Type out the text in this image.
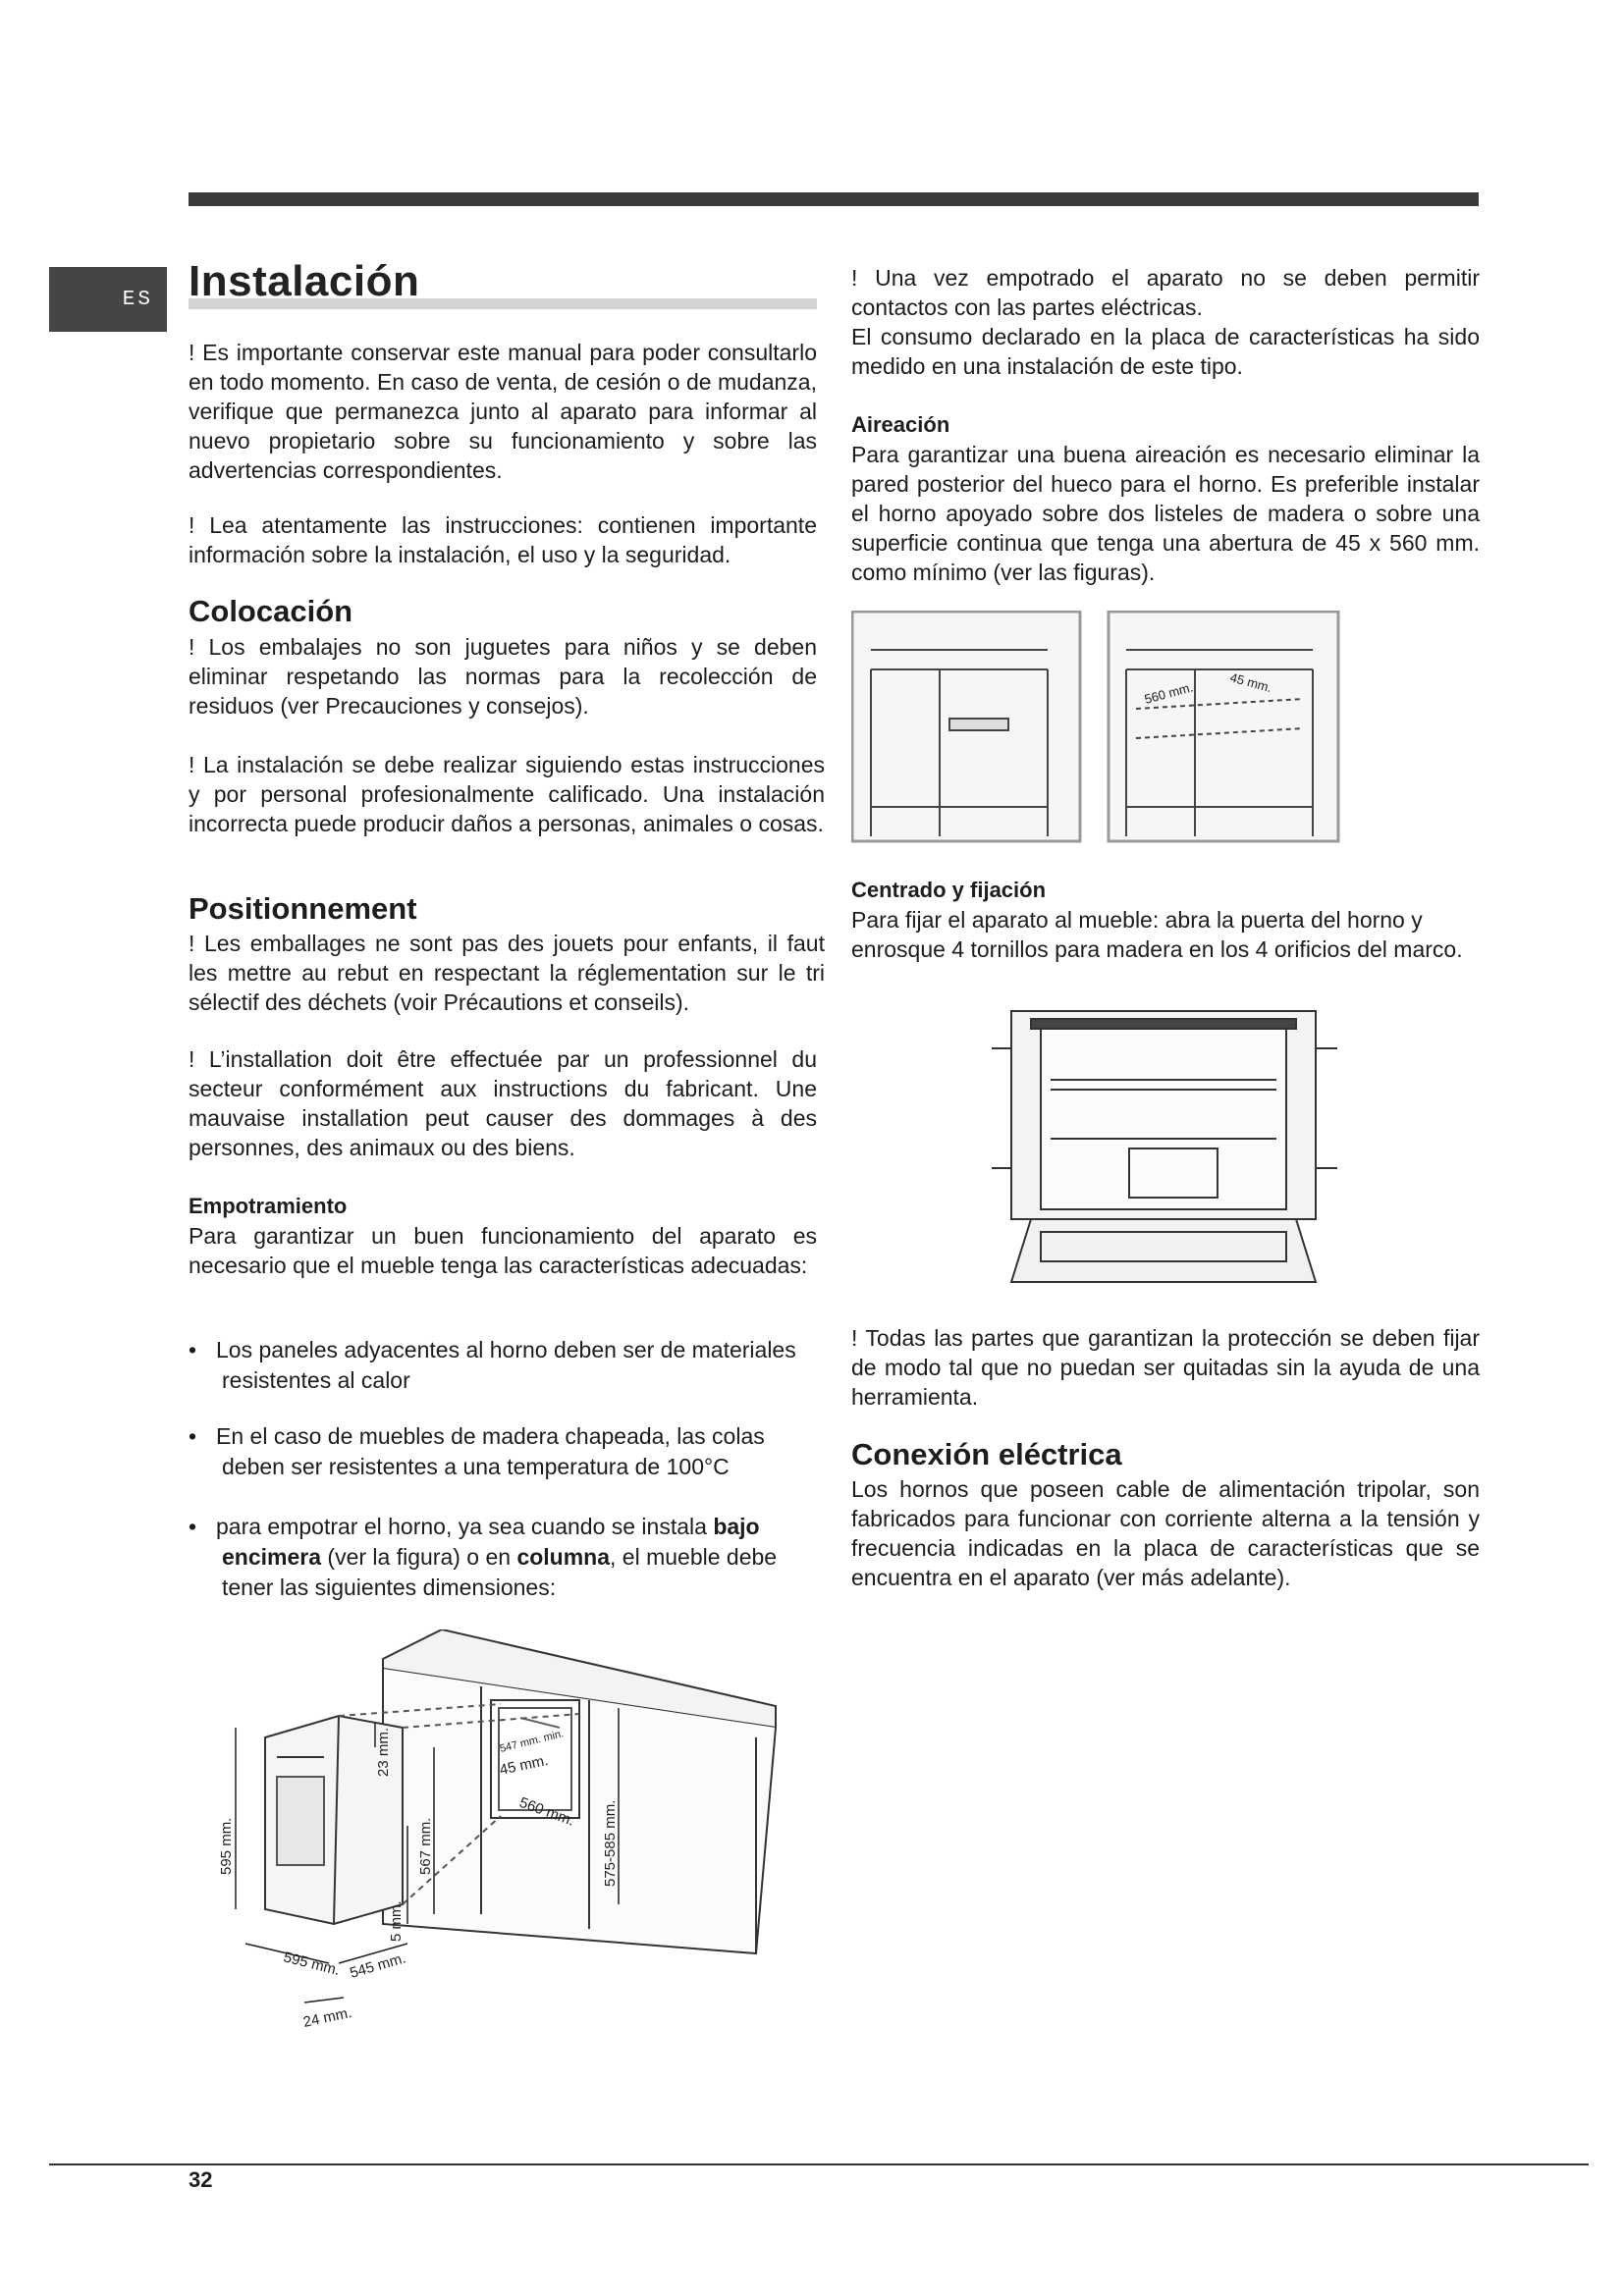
ES Instalación

! Es importante conservar este manual para poder consultarlo en todo momento. En caso de venta, de cesión o de mudanza, verifique que permanezca junto al aparato para informar al nuevo propietario sobre su funcionamiento y sobre las advertencias correspondientes.

! Lea atentamente las instrucciones: contienen importante información sobre la instalación, el uso y la seguridad.

Colocación

! Los embalajes no son juguetes para niños y se deben eliminar respetando las normas para la recolección de residuos (ver Precauciones y consejos).

! La instalación se debe realizar siguiendo estas instrucciones y por personal profesionalmente calificado. Una instalación incorrecta puede producir daños a personas, animales o cosas.

Positionnement

! Les emballages ne sont pas des jouets pour enfants, il faut les mettre au rebut en respectant la réglementation sur le tri sélectif des déchets (voir Précautions et conseils).

! L’installation doit être effectuée par un professionnel du secteur conformément aux instructions du fabricant. Une mauvaise installation peut causer des dommages à des personnes, des animaux ou des biens.

Empotramiento

Para garantizar un buen funcionamiento del aparato es necesario que el mueble tenga las características adecuadas:

• Los paneles adyacentes al horno deben ser de materiales
resistentes al calor
• En el caso de muebles de madera chapeada, las colas
deben ser resistentes a una temperatura de 100°C
• para empotrar el horno, ya sea cuando se instala bajo
encimera (ver la figura) o en columna, el mueble debe
tener las siguientes dimensiones:
595 mm.
23 mm.
567 mm.
5 mm.
595 mm. 545 mm.
24 mm.
547 mm. min.
45 mm.
560 mm. 575-585 mm.

! Una vez empotrado el aparato no se deben permitir contactos con las partes eléctricas.

El consumo declarado en la placa de características ha sido medido en una instalación de este tipo.

Aireación

Para garantizar una buena aireación es necesario eliminar la pared posterior del hueco para el horno. Es preferible instalar el horno apoyado sobre dos listeles de madera o sobre una superficie continua que tenga una abertura de 45 x 560 mm. como mínimo (ver las figuras).

560 mm.	45 mm.
Centrado y fijación

Para fijar el aparato al mueble: abra la puerta del horno y enrosque 4 tornillos para madera en los 4 orificios del marco.

! Todas las partes que garantizan la protección se deben fijar de modo tal que no puedan ser quitadas sin la ayuda de una herramienta.

Conexión eléctrica

Los hornos que poseen cable de alimentación tripolar, son fabricados para funcionar con corriente alterna a la tensión y frecuencia indicadas en la placa de características que se encuentra en el aparato (ver más adelante).

32
